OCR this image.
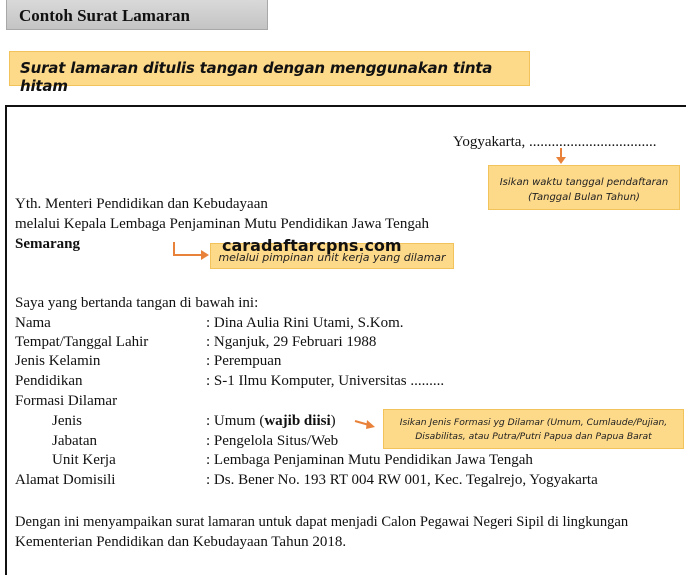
Contoh Surat Lamaran
Surat lamaran ditulis tangan dengan menggunakan tinta hitam
Yogyakarta, ..................................
Isikan waktu tanggal pendaftaran
(Tanggal Bulan Tahun)
Yth. Menteri Pendidikan dan Kebudayaan
melalui Kepala Lembaga Penjaminan Mutu Pendidikan Jawa Tengah
Semarang
melalui pimpinan unit kerja yang dilamar
caradaftarcpns.com
Saya yang bertanda tangan di bawah ini:
Nama	: Dina Aulia Rini Utami, S.Kom.
Tempat/Tanggal Lahir	: Nganjuk, 29 Februari 1988
Jenis Kelamin	: Perempuan
Pendidikan	: S-1 Ilmu Komputer, Universitas .........
Formasi Dilamar
Jenis	: Umum (wajib diisi)	Isikan Jenis Formasi yg Dilamar (Umum, Cumlaude/Pujian,
Disabilitas, atau Putra/Putri Papua dan Papua Barat
Jabatan	: Pengelola Situs/Web
Unit Kerja	: Lembaga Penjaminan Mutu Pendidikan Jawa Tengah
Alamat Domisili	: Ds. Bener No. 193 RT 004 RW 001, Kec. Tegalrejo, Yogyakarta
Dengan ini menyampaikan surat lamaran untuk dapat menjadi Calon Pegawai Negeri Sipil di lingkungan
Kementerian Pendidikan dan Kebudayaan Tahun 2018.
